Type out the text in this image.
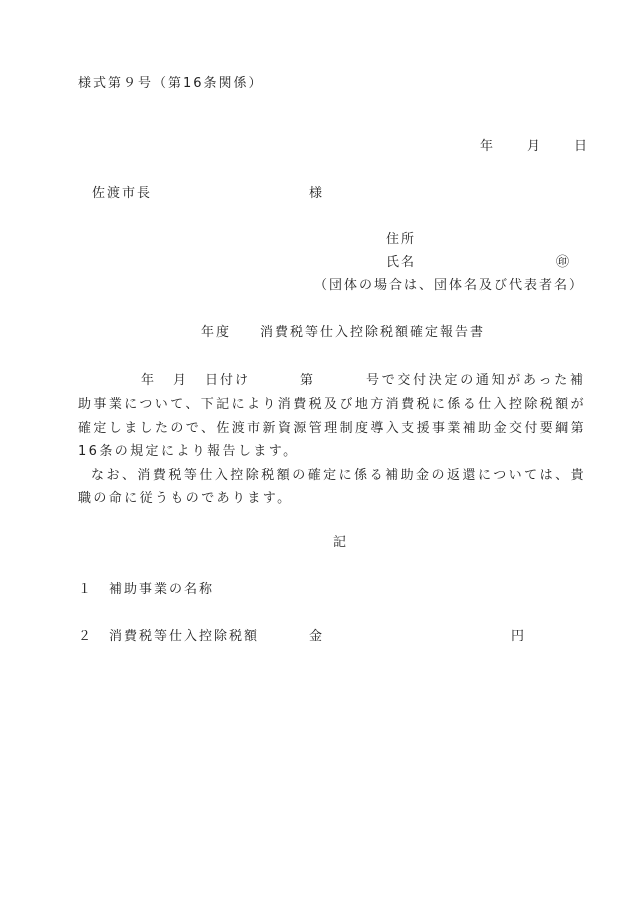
様式第９号（第16条関係）
年	月	日
佐渡市長	様
住所
氏名	㊞
（団体の場合は、団体名及び代表者名）
年度 消費税等仕入控除税額確定報告書
年 月 日付け	第	号で交付決定の通知があった補

助事業について、下記により消費税及び地方消費税に係る仕入控除税額が確定しましたので、佐渡市新資源管理制度導入支援事業補助金交付要綱第16条の規定により報告します。

なお、消費税等仕入控除税額の確定に係る補助金の返還については、貴職の命に従うものであります。

記
１ 補助事業の名称
２ 消費税等仕入控除税額	金	円
